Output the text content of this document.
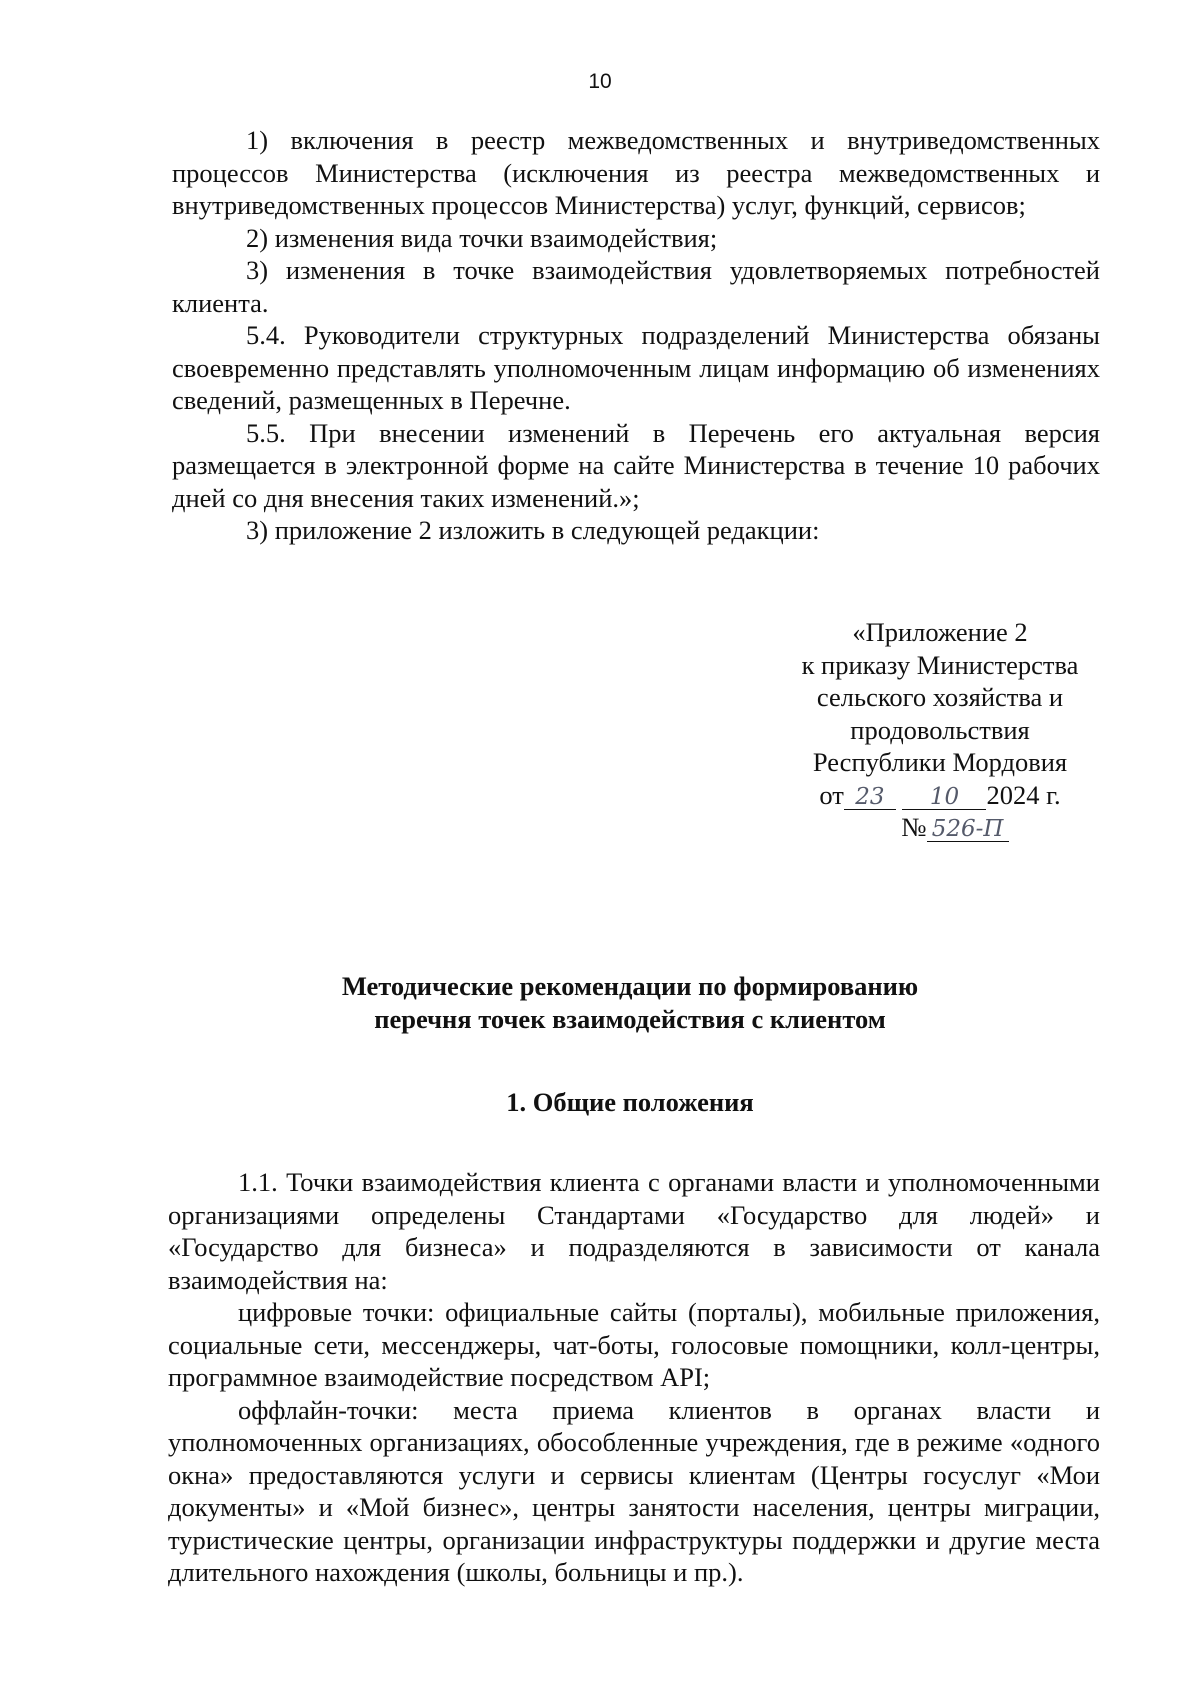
10

1) включения в реестр межведомственных и внутриведомственных процессов Министерства (исключения из реестра межведомственных и внутриведомственных процессов Министерства) услуг, функций, сервисов;

2) изменения вида точки взаимодействия;

3) изменения в точке взаимодействия удовлетворяемых потребностей клиента.

5.4. Руководители структурных подразделений Министерства обязаны своевременно представлять уполномоченным лицам информацию об изменениях сведений, размещенных в Перечне.

5.5. При внесении изменений в Перечень его актуальная версия размещается в электронной форме на сайте Министерства в течение 10 рабочих дней со дня внесения таких изменений.»;

3) приложение 2 изложить в следующей редакции:

«Приложение 2
к приказу Министерства
сельского хозяйства и
продовольствия
Республики Мордовия
от 23 10 2024 г.
№ 526-П
Методические рекомендации по формированию
перечня точек взаимодействия с клиентом
1. Общие положения

1.1. Точки взаимодействия клиента с органами власти и уполномоченными организациями определены Стандартами «Государство для людей» и «Государство для бизнеса» и подразделяются в зависимости от канала взаимодействия на:

цифровые точки: официальные сайты (порталы), мобильные приложения, социальные сети, мессенджеры, чат-боты, голосовые помощники, колл-центры, программное взаимодействие посредством API;

оффлайн-точки: места приема клиентов в органах власти и уполномоченных организациях, обособленные учреждения, где в режиме «одного окна» предоставляются услуги и сервисы клиентам (Центры госуслуг «Мои документы» и «Мой бизнес», центры занятости населения, центры миграции, туристические центры, организации инфраструктуры поддержки и другие места длительного нахождения (школы, больницы и пр.).
